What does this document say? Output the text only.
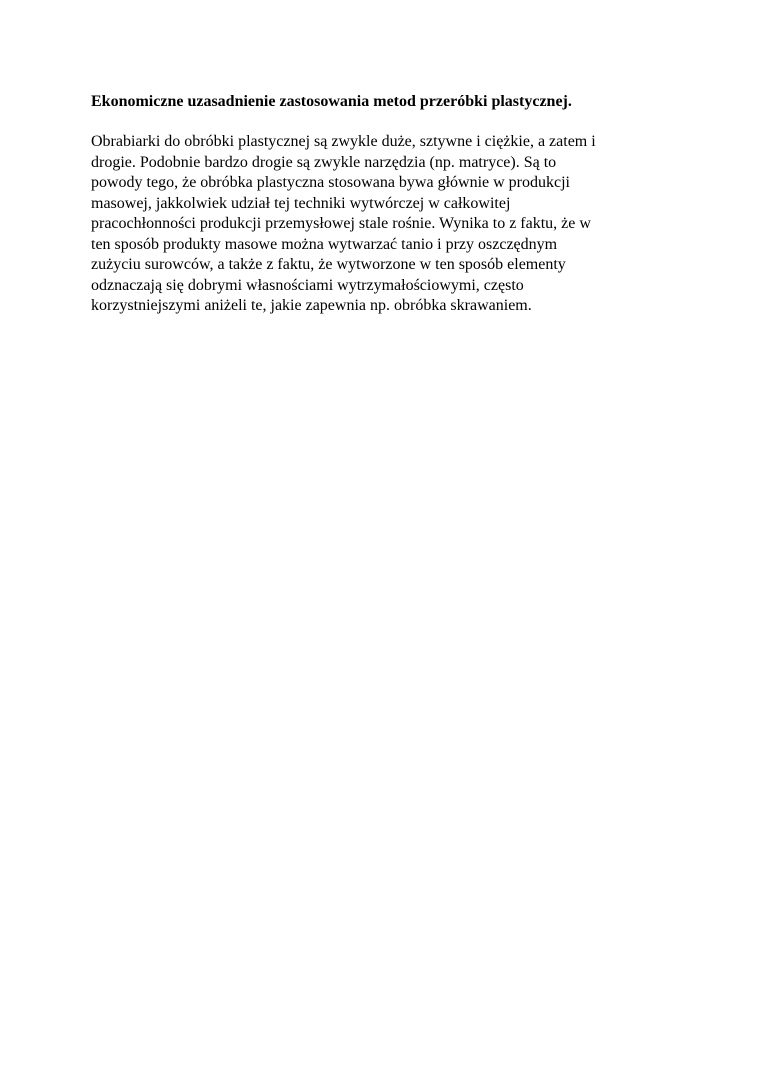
Ekonomiczne uzasadnienie zastosowania metod przeróbki plastycznej.

Obrabiarki do obróbki plastycznej są zwykle duże, sztywne i ciężkie, a zatem i
drogie. Podobnie bardzo drogie są zwykle narzędzia (np. matryce). Są to
powody tego, że obróbka plastyczna stosowana bywa głównie w produkcji
masowej, jakkolwiek udział tej techniki wytwórczej w całkowitej
pracochłonności produkcji przemysłowej stale rośnie. Wynika to z faktu, że w
ten sposób produkty masowe można wytwarzać tanio i przy oszczędnym
zużyciu surowców, a także z faktu, że wytworzone w ten sposób elementy
odznaczają się dobrymi własnościami wytrzymałościowymi, często
korzystniejszymi aniżeli te, jakie zapewnia np. obróbka skrawaniem.
